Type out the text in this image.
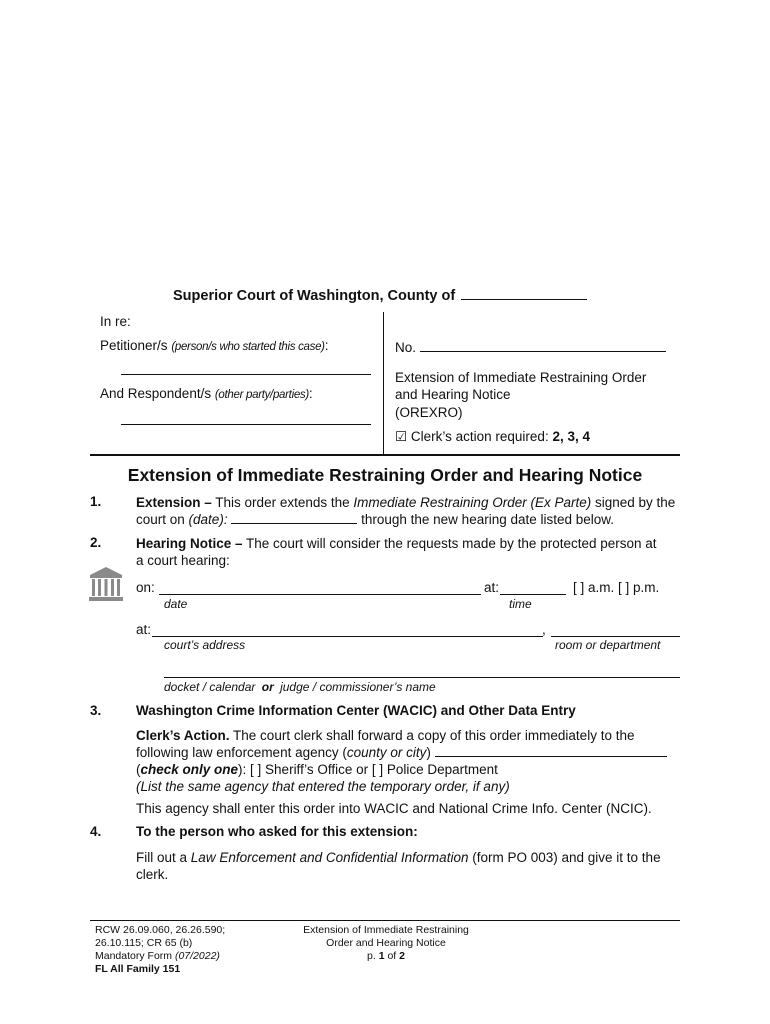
Superior Court of Washington, County of
In re:
Petitioner/s (person/s who started this case):
And Respondent/s (other party/parties):
No.
Extension of Immediate Restraining Order
and Hearing Notice
(OREXRO)
☑ Clerk’s action required: 2, 3, 4
Extension of Immediate Restraining Order and Hearing Notice
1.	Extension – This order extends the Immediate Restraining Order (Ex Parte) signed by the
court on (date):	through the new hearing date listed below.
2.	Hearing Notice – The court will consider the requests made by the protected person at
a court hearing:
on:	at:	[ ] a.m. [ ] p.m.
date	time
at:	,
court’s address	room or department
docket / calendar or judge / commissioner’s name
3.	Washington Crime Information Center (WACIC) and Other Data Entry
Clerk’s Action. The court clerk shall forward a copy of this order immediately to the
following law enforcement agency (county or city)
(check only one): [ ] Sheriff’s Office or [ ] Police Department
(List the same agency that entered the temporary order, if any)
This agency shall enter this order into WACIC and National Crime Info. Center (NCIC).
4.	To the person who asked for this extension:
Fill out a Law Enforcement and Confidential Information (form PO 003) and give it to the
clerk.
RCW 26.09.060, 26.26.590;
26.10.115; CR 65 (b)
Mandatory Form (07/2022)
FL All Family 151
Extension of Immediate Restraining
Order and Hearing Notice
p. 1 of 2
